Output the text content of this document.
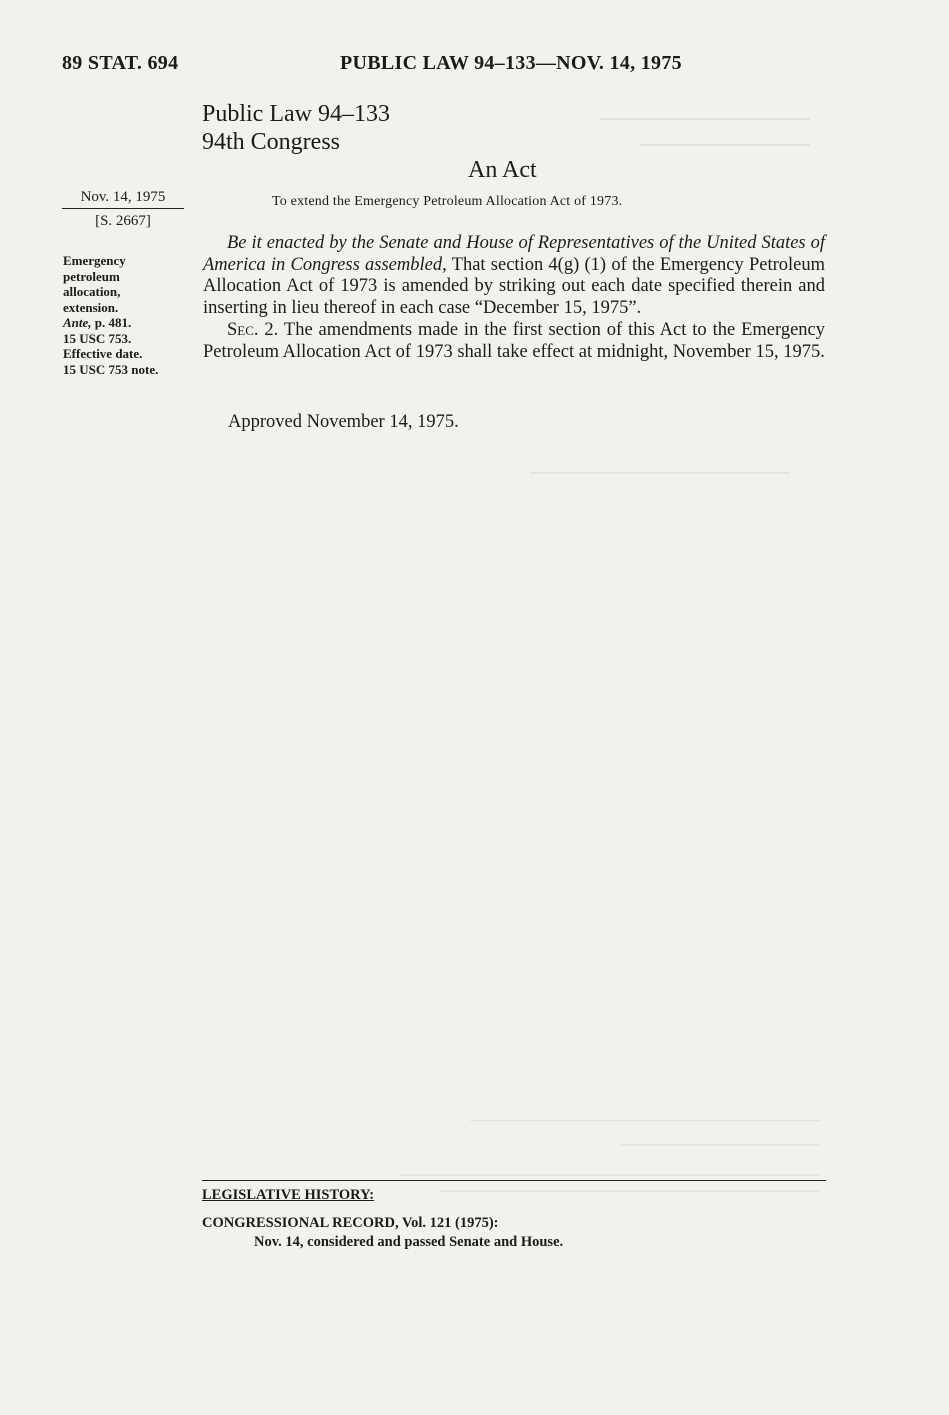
89 STAT. 694	PUBLIC LAW 94–133—NOV. 14, 1975
Public Law 94–133
94th Congress
An Act
Nov. 14, 1975
[S. 2667]
To extend the Emergency Petroleum Allocation Act of 1973.
Emergency
petroleum
allocation,
extension.
Ante, p. 481.
15 USC 753.
Effective date.
15 USC 753 note.

Be it enacted by the Senate and House of Representatives of the United States of America in Congress assembled, That section 4(g) (1) of the Emergency Petroleum Allocation Act of 1973 is amended by striking out each date specified therein and inserting in lieu thereof in each case “December 15, 1975”.

Sec. 2. The amendments made in the first section of this Act to the Emergency Petroleum Allocation Act of 1973 shall take effect at midnight, November 15, 1975.

Approved November 14, 1975.
LEGISLATIVE HISTORY:
CONGRESSIONAL RECORD, Vol. 121 (1975):
Nov. 14, considered and passed Senate and House.
